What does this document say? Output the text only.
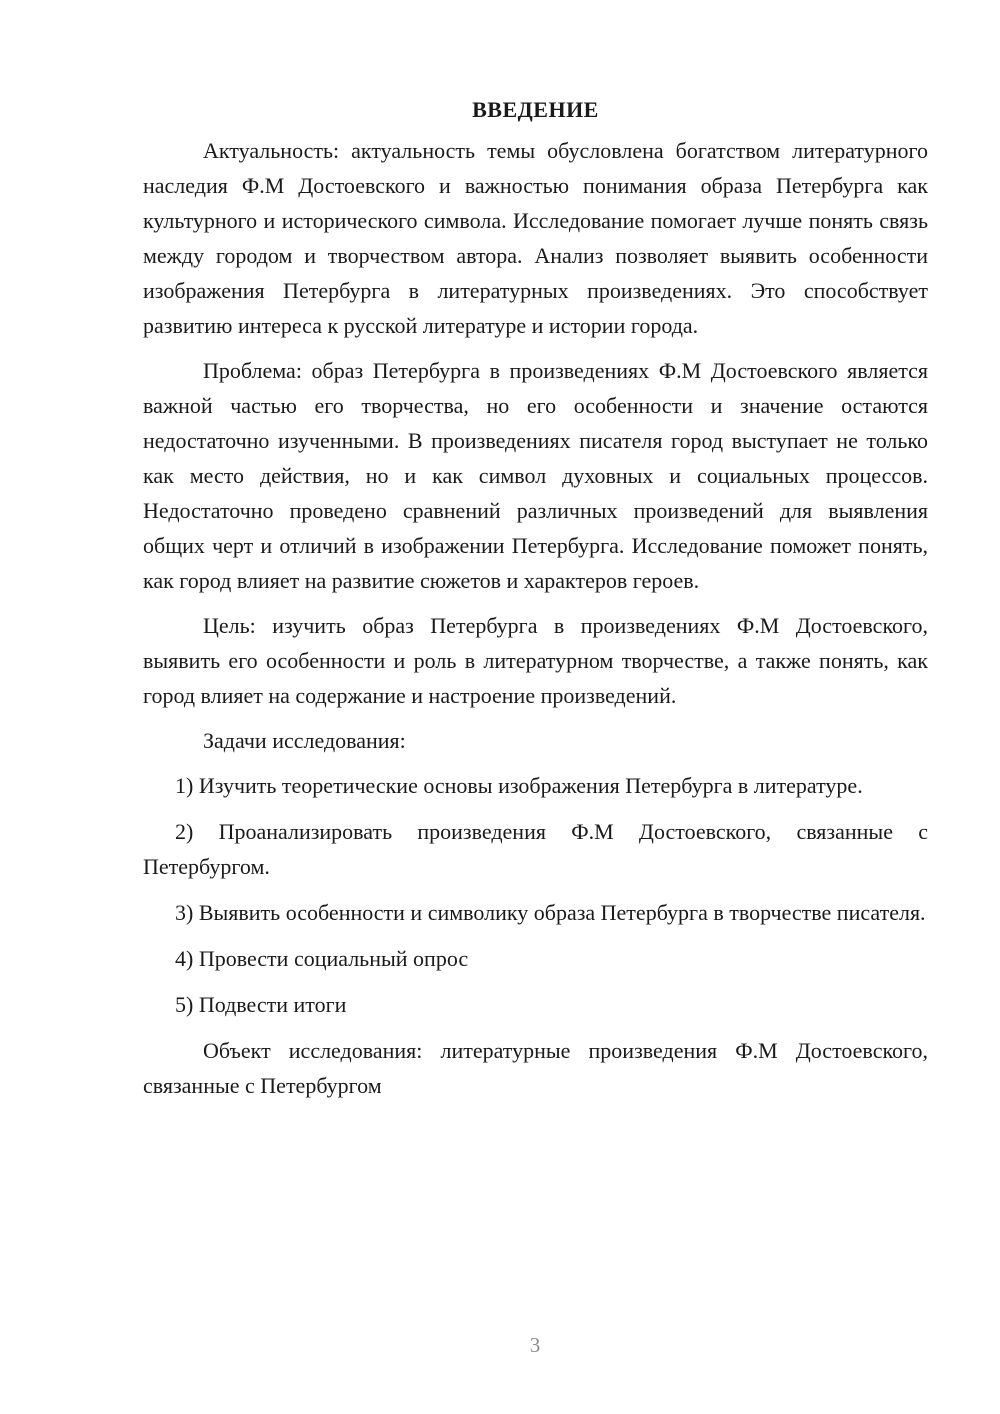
ВВЕДЕНИЕ

Актуальность: актуальность темы обусловлена богатством литературного наследия Ф.М Достоевского и важностью понимания образа Петербурга как культурного и исторического символа. Исследование помогает лучше понять связь между городом и творчеством автора. Анализ позволяет выявить особенности изображения Петербурга в литературных произведениях. Это способствует развитию интереса к русской литературе и истории города.

Проблема: образ Петербурга в произведениях Ф.М Достоевского является важной частью его творчества, но его особенности и значение остаются недостаточно изученными. В произведениях писателя город выступает не только как место действия, но и как символ духовных и социальных процессов. Недостаточно проведено сравнений различных произведений для выявления общих черт и отличий в изображении Петербурга. Исследование поможет понять, как город влияет на развитие сюжетов и характеров героев.

Цель: изучить образ Петербурга в произведениях Ф.М Достоевского, выявить его особенности и роль в литературном творчестве, а также понять, как город влияет на содержание и настроение произведений.

Задачи исследования:

1) Изучить теоретические основы изображения Петербурга в литературе.

2) Проанализировать произведения Ф.М Достоевского, связанные с Петербургом.

3) Выявить особенности и символику образа Петербурга в творчестве писателя.

4) Провести социальный опрос

5) Подвести итоги

Объект исследования: литературные произведения Ф.М Достоевского, связанные с Петербургом

3
